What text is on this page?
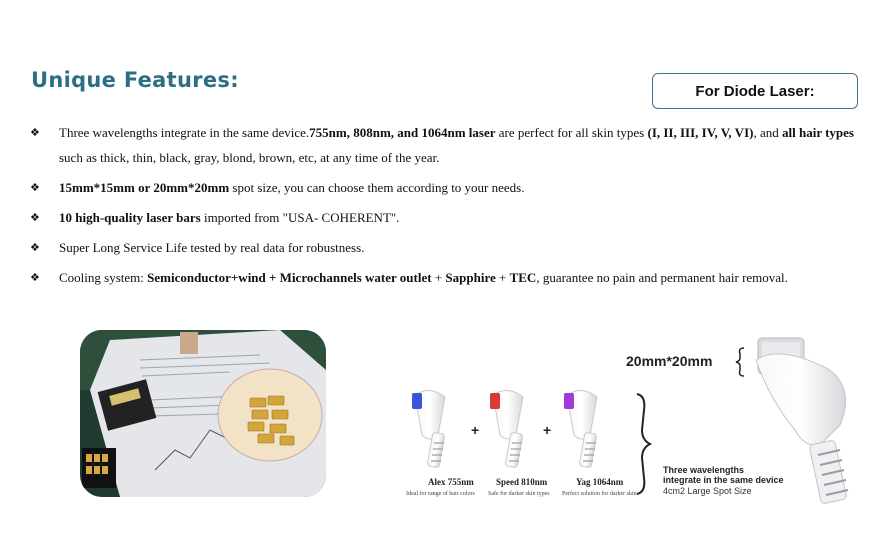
Unique Features:	For Diode Laser:
❖ Three wavelengths integrate in the same device.755nm, 808nm, and 1064nm laser are perfect for all skin types (I, II, III, IV, V, VI), and all hair types such as thick, thin, black, gray, blond, brown, etc, at any time of the year.
❖ 15mm*15mm or 20mm*20mm spot size, you can choose them according to your needs.
❖ 10 high-quality laser bars imported from "USA- COHERENT".
❖ Super Long Service Life tested by real data for robustness.
❖ Cooling system: Semiconductor+wind + Microchannels water outlet + Sapphire + TEC, guarantee no pain and permanent hair removal.
+	+
Alex 755nm
Ideal for range of hair colors
Speed 810nm
Safe for darker skin types
Yag 1064nm
Perfect solution for darker skin
20mm*20mm
Three wavelengths
integrate in the same device
4cm2 Large Spot Size
